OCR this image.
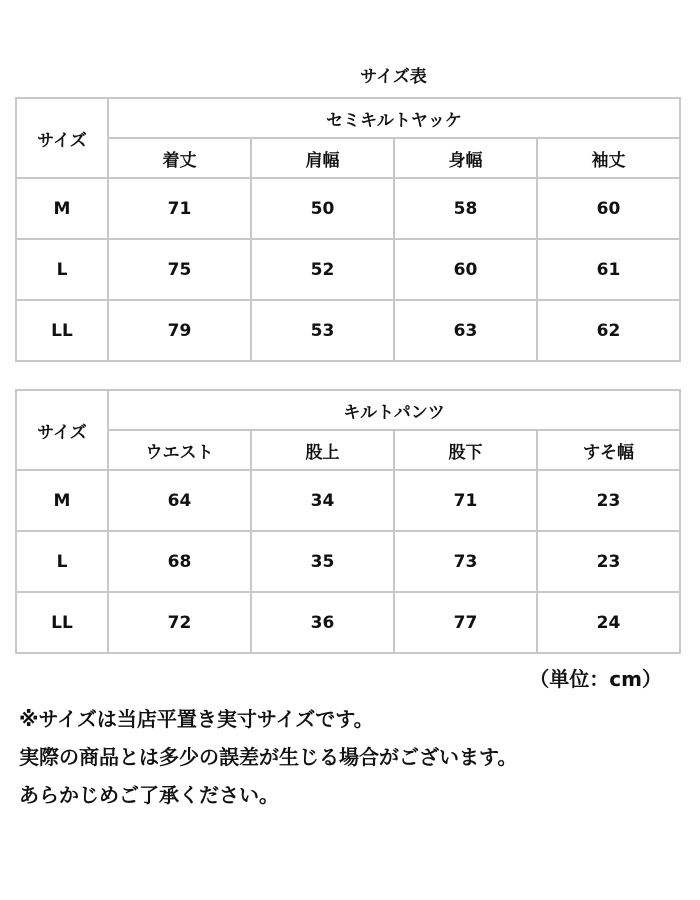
サイズ表
サイズ	セミキルトヤッケ			
	着丈	肩幅	身幅	袖丈
M	71	50	58	60
L	75	52	60	61
LL	79	53	63	62
サイズ	キルトパンツ			
	ウエスト	股上	股下	すそ幅
M	64	34	71	23
L	68	35	73	23
LL	72	36	77	24
（単位：cm）
※サイズは当店平置き実寸サイズです。
実際の商品とは多少の誤差が生じる場合がございます。
あらかじめご了承ください。
